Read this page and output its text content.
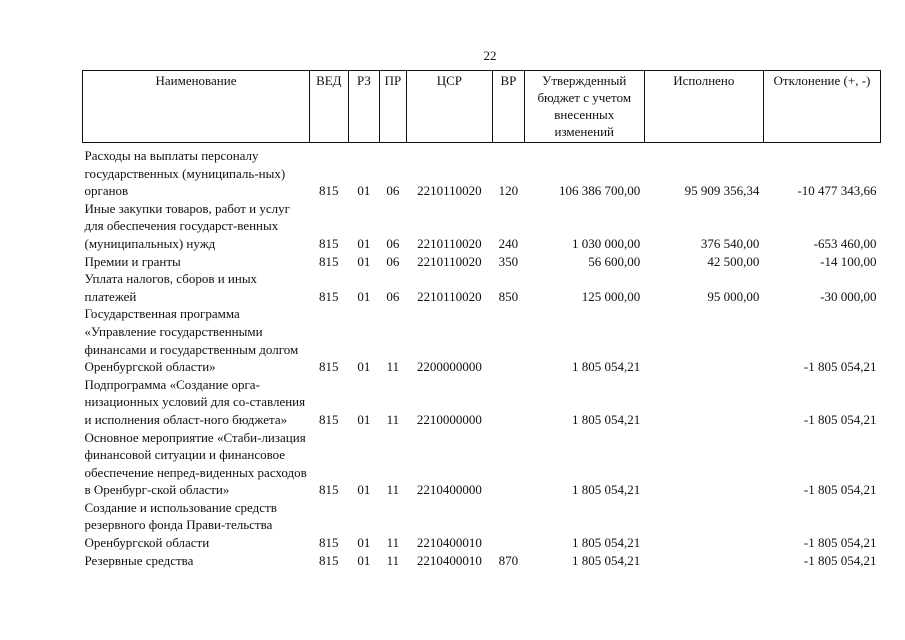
22
Наименование	ВЕД	РЗ	ПР	ЦСР	ВР	Утвержденный бюджет с учетом внесенных изменений	Исполнено	Отклонение (+, -)
Расходы на выплаты персоналу государственных (муниципаль-ных) органов	815	01	06	2210110020	120	106 386 700,00	95 909 356,34	-10 477 343,66
Иные закупки товаров, работ и услуг для обеспечения государст-венных (муниципальных) нужд	815	01	06	2210110020	240	1 030 000,00	376 540,00	-653 460,00
Премии и гранты	815	01	06	2210110020	350	56 600,00	42 500,00	-14 100,00
Уплата налогов, сборов и иных платежей	815	01	06	2210110020	850	125 000,00	95 000,00	-30 000,00
Государственная программа «Управление государственными финансами и государственным долгом Оренбургской области»	815	01	11	2200000000		1 805 054,21		-1 805 054,21
Подпрограмма «Создание орга-низационных условий для со-ставления и исполнения област-ного бюджета»	815	01	11	2210000000		1 805 054,21		-1 805 054,21
Основное мероприятие «Стаби-лизация финансовой ситуации и финансовое обеспечение непред-виденных расходов в Оренбург-ской области»	815	01	11	2210400000		1 805 054,21		-1 805 054,21
Создание и использование средств резервного фонда Прави-тельства Оренбургской области	815	01	11	2210400010		1 805 054,21		-1 805 054,21
Резервные средства	815	01	11	2210400010	870	1 805 054,21		-1 805 054,21
